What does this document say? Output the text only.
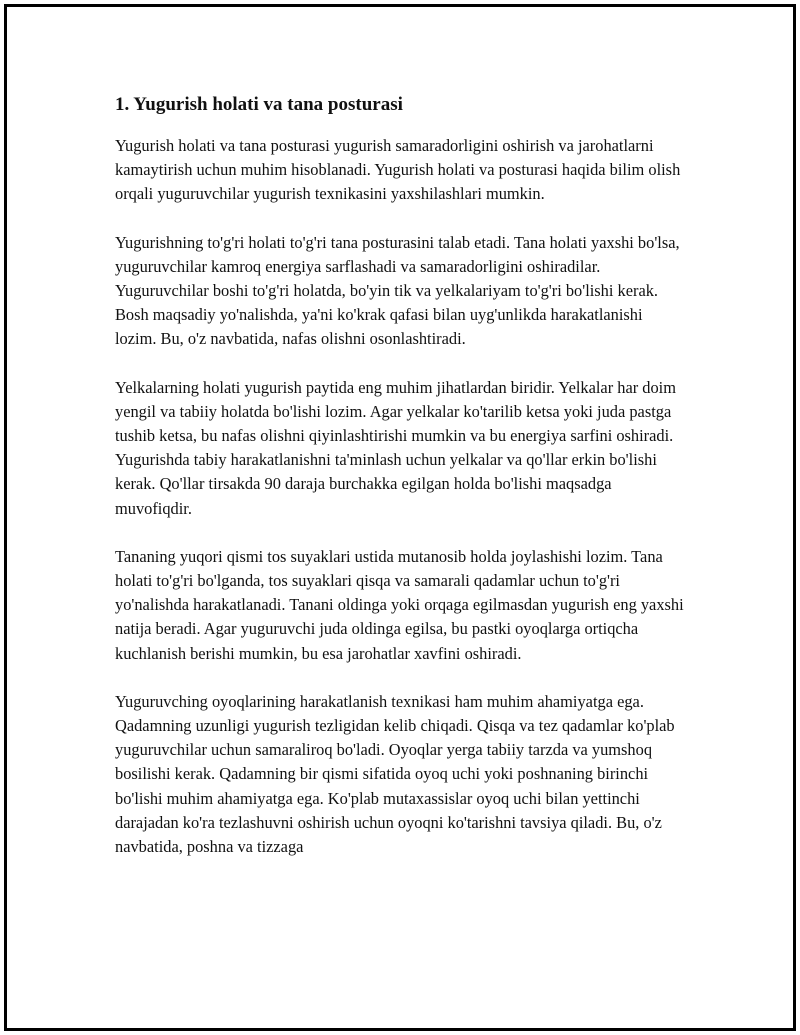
1. Yugurish holati va tana posturasi

Yugurish holati va tana posturasi yugurish samaradorligini oshirish va jarohatlarni kamaytirish uchun muhim hisoblanadi. Yugurish holati va posturasi haqida bilim olish orqali yuguruvchilar yugurish texnikasini yaxshilashlari mumkin.

Yugurishning to'g'ri holati to'g'ri tana posturasini talab etadi. Tana holati yaxshi bo'lsa, yuguruvchilar kamroq energiya sarflashadi va samaradorligini oshiradilar. Yuguruvchilar boshi to'g'ri holatda, bo'yin tik va yelkalariyam to'g'ri bo'lishi kerak. Bosh maqsadiy yo'nalishda, ya'ni ko'krak qafasi bilan uyg'unlikda harakatlanishi lozim. Bu, o'z navbatida, nafas olishni osonlashtiradi.

Yelkalarning holati yugurish paytida eng muhim jihatlardan biridir. Yelkalar har doim yengil va tabiiy holatda bo'lishi lozim. Agar yelkalar ko'tarilib ketsa yoki juda pastga tushib ketsa, bu nafas olishni qiyinlashtirishi mumkin va bu energiya sarfini oshiradi. Yugurishda tabiy harakatlanishni ta'minlash uchun yelkalar va qo'llar erkin bo'lishi kerak. Qo'llar tirsakda 90 daraja burchakka egilgan holda bo'lishi maqsadga muvofiqdir.

Tananing yuqori qismi tos suyaklari ustida mutanosib holda joylashishi lozim. Tana holati to'g'ri bo'lganda, tos suyaklari qisqa va samarali qadamlar uchun to'g'ri yo'nalishda harakatlanadi. Tanani oldinga yoki orqaga egilmasdan yugurish eng yaxshi natija beradi. Agar yuguruvchi juda oldinga egilsa, bu pastki oyoqlarga ortiqcha kuchlanish berishi mumkin, bu esa jarohatlar xavfini oshiradi.

Yuguruvching oyoqlarining harakatlanish texnikasi ham muhim ahamiyatga ega. Qadamning uzunligi yugurish tezligidan kelib chiqadi. Qisqa va tez qadamlar ko'plab yuguruvchilar uchun samaraliroq bo'ladi. Oyoqlar yerga tabiiy tarzda va yumshoq bosilishi kerak. Qadamning bir qismi sifatida oyoq uchi yoki poshnaning birinchi bo'lishi muhim ahamiyatga ega. Ko'plab mutaxassislar oyoq uchi bilan yettinchi darajadan ko'ra tezlashuvni oshirish uchun oyoqni ko'tarishni tavsiya qiladi. Bu, o'z navbatida, poshna va tizzaga
